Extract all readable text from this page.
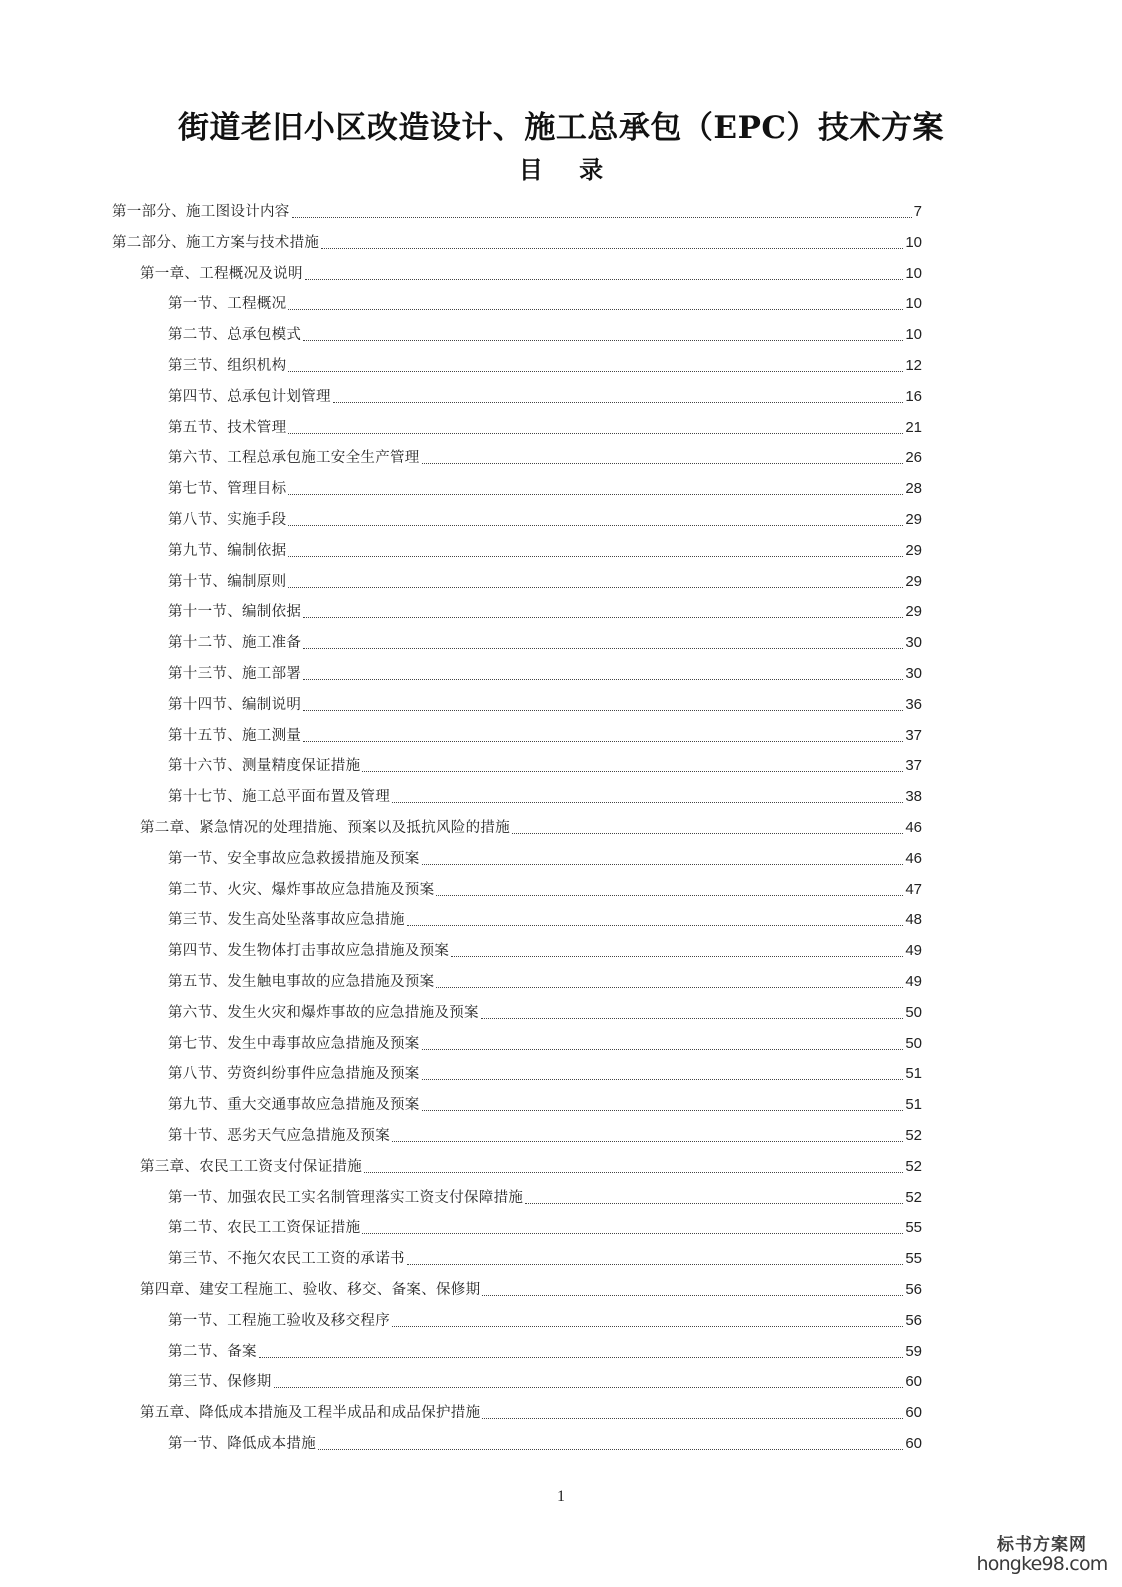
街道老旧小区改造设计、施工总承包（EPC）技术方案
目 录
第一部分、施工图设计内容	7
第二部分、施工方案与技术措施	10
第一章、工程概况及说明	10
第一节、工程概况	10
第二节、总承包模式	10
第三节、组织机构	12
第四节、总承包计划管理	16
第五节、技术管理	21
第六节、工程总承包施工安全生产管理	26
第七节、管理目标	28
第八节、实施手段	29
第九节、编制依据	29
第十节、编制原则	29
第十一节、编制依据	29
第十二节、施工准备	30
第十三节、施工部署	30
第十四节、编制说明	36
第十五节、施工测量	37
第十六节、测量精度保证措施	37
第十七节、施工总平面布置及管理	38
第二章、紧急情况的处理措施、预案以及抵抗风险的措施	46
第一节、安全事故应急救援措施及预案	46
第二节、火灾、爆炸事故应急措施及预案	47
第三节、发生高处坠落事故应急措施	48
第四节、发生物体打击事故应急措施及预案	49
第五节、发生触电事故的应急措施及预案	49
第六节、发生火灾和爆炸事故的应急措施及预案	50
第七节、发生中毒事故应急措施及预案	50
第八节、劳资纠纷事件应急措施及预案	51
第九节、重大交通事故应急措施及预案	51
第十节、恶劣天气应急措施及预案	52
第三章、农民工工资支付保证措施	52
第一节、加强农民工实名制管理落实工资支付保障措施	52
第二节、农民工工资保证措施	55
第三节、不拖欠农民工工资的承诺书	55
第四章、建安工程施工、验收、移交、备案、保修期	56
第一节、工程施工验收及移交程序	56
第二节、备案	59
第三节、保修期	60
第五章、降低成本措施及工程半成品和成品保护措施	60
第一节、降低成本措施	60
1
标书方案网
hongke98.com
